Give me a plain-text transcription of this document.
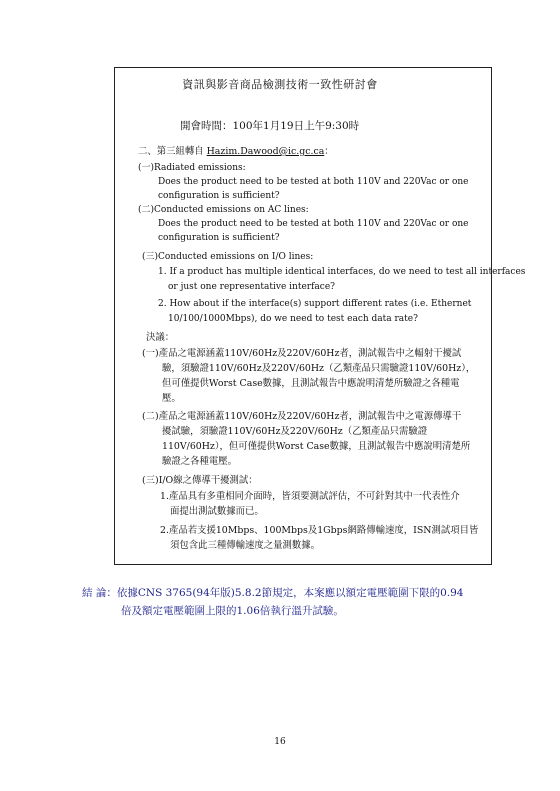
資訊與影音商品檢測技術一致性研討會
開會時間：100年1月19日上午9:30時
二、第三組轉自 Hazim.Dawood@ic.gc.ca：
(一)Radiated emissions:
Does the product need to be tested at both 110V and 220Vac or one
configuration is sufficient?
(二)Conducted emissions on AC lines:
Does the product need to be tested at both 110V and 220Vac or one
configuration is sufficient?
(三)Conducted emissions on I/O lines:
1. If a product has multiple identical interfaces, do we need to test all interfaces
or just one representative interface?
2. How about if the interface(s) support different rates (i.e. Ethernet
10/100/1000Mbps), do we need to test each data rate?
決議：
(一)產品之電源涵蓋110V/60Hz及220V/60Hz者，測試報告中之輻射干擾試
驗，須驗證110V/60Hz及220V/60Hz（乙類產品只需驗證110V/60Hz），
但可僅提供Worst Case數據，且測試報告中應說明清楚所驗證之各種電
壓。
(二)產品之電源涵蓋110V/60Hz及220V/60Hz者，測試報告中之電源傳導干
擾試驗，須驗證110V/60Hz及220V/60Hz（乙類產品只需驗證
110V/60Hz），但可僅提供Worst Case數據，且測試報告中應說明清楚所
驗證之各種電壓。
(三)I/O線之傳導干擾測試：
1.產品具有多重相同介面時，皆須要測試評估，不可針對其中一代表性介
面提出測試數據而已。
2.產品若支援10Mbps、100Mbps及1Gbps網路傳輸速度，ISN測試項目皆
須包含此三種傳輸速度之量測數據。
結 論：依據CNS 3765(94年版)5.8.2節規定，本案應以額定電壓範圍下限的0.94
倍及額定電壓範圍上限的1.06倍執行溫升試驗。
16
